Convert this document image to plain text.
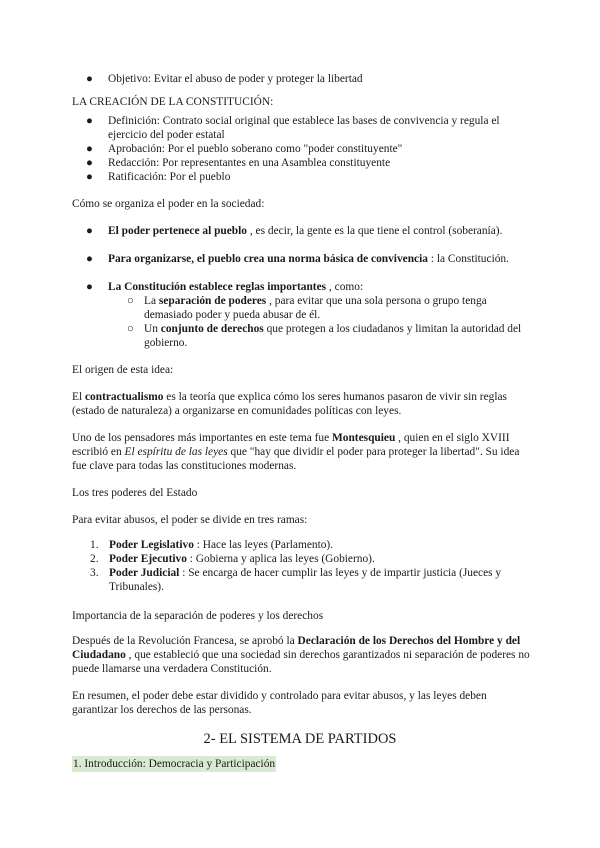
● Objetivo: Evitar el abuso de poder y proteger la libertad

LA CREACIÓN DE LA CONSTITUCIÓN:

● Definición: Contrato social original que establece las bases de convivencia y regula el ejercicio del poder estatal
● Aprobación: Por el pueblo soberano como "poder constituyente"
● Redacción: Por representantes en una Asamblea constituyente
● Ratificación: Por el pueblo

Cómo se organiza el poder en la sociedad:

● El poder pertenece al pueblo , es decir, la gente es la que tiene el control (soberanía).
● Para organizarse, el pueblo crea una norma básica de convivencia : la Constitución.
● La Constitución establece reglas importantes , como:
○ La separación de poderes , para evitar que una sola persona o grupo tenga demasiado poder y pueda abusar de él.
○ Un conjunto de derechos que protegen a los ciudadanos y limitan la autoridad del gobierno.

El origen de esta idea:

El contractualismo es la teoría que explica cómo los seres humanos pasaron de vivir sin reglas (estado de naturaleza) a organizarse en comunidades políticas con leyes.

Uno de los pensadores más importantes en este tema fue Montesquieu , quien en el siglo XVIII escribió en El espíritu de las leyes que "hay que dividir el poder para proteger la libertad". Su idea fue clave para todas las constituciones modernas.

Los tres poderes del Estado

Para evitar abusos, el poder se divide en tres ramas:

1. Poder Legislativo : Hace las leyes (Parlamento).
2. Poder Ejecutivo : Gobierna y aplica las leyes (Gobierno).
3. Poder Judicial : Se encarga de hacer cumplir las leyes y de impartir justicia (Jueces y Tribunales).

Importancia de la separación de poderes y los derechos

Después de la Revolución Francesa, se aprobó la Declaración de los Derechos del Hombre y del Ciudadano , que estableció que una sociedad sin derechos garantizados ni separación de poderes no puede llamarse una verdadera Constitución.

En resumen, el poder debe estar dividido y controlado para evitar abusos, y las leyes deben garantizar los derechos de las personas.

2- EL SISTEMA DE PARTIDOS
1. Introducción: Democracia y Participación
